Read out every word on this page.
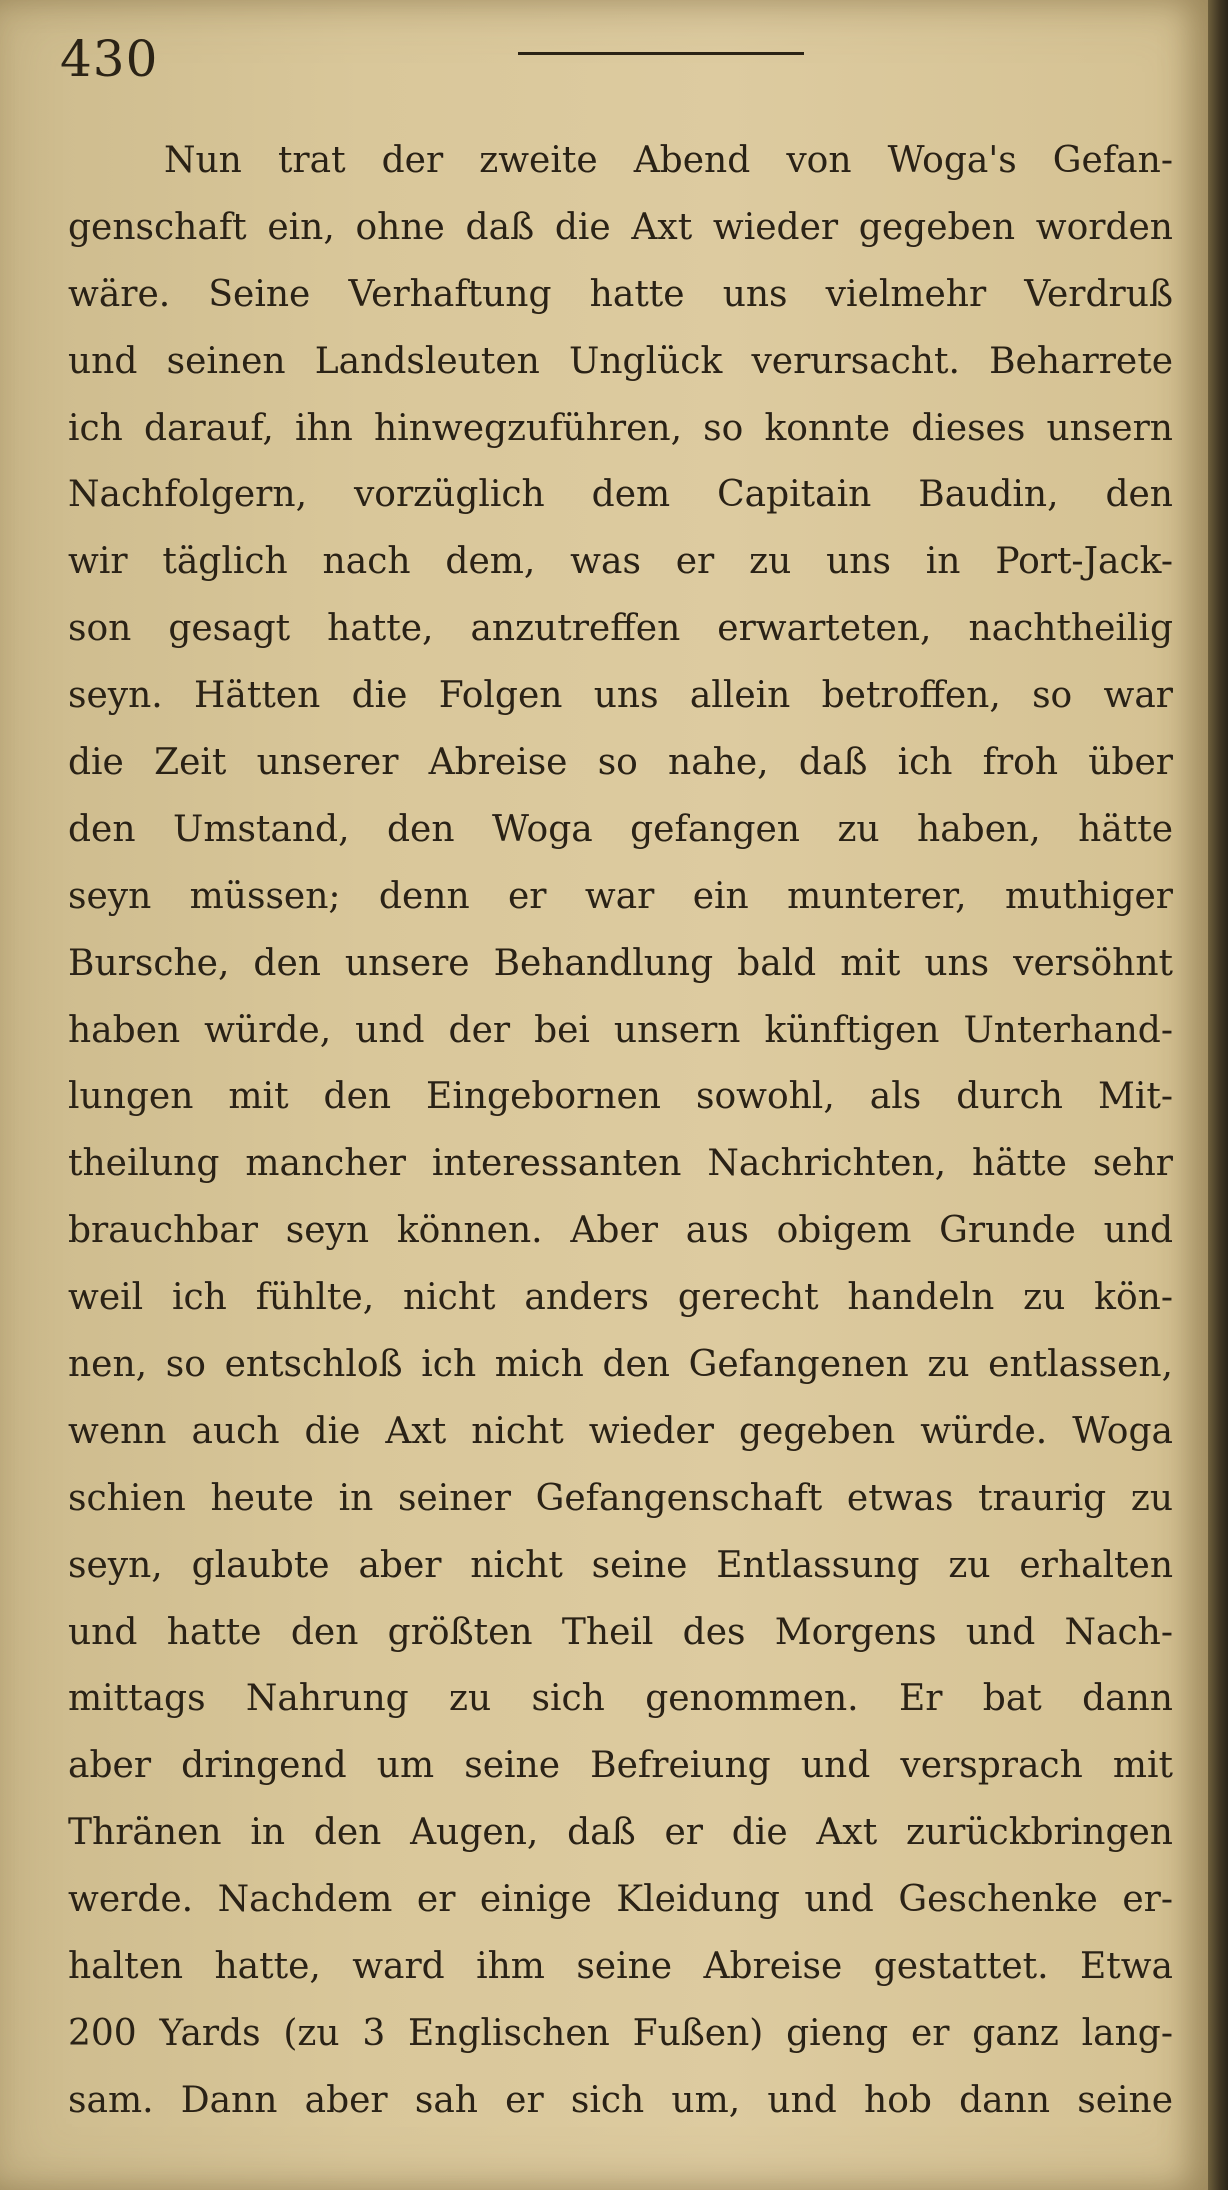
430
Nun trat der zweite Abend von Woga's Gefan-
genschaft ein, ohne daß die Axt wieder gegeben worden
wäre. Seine Verhaftung hatte uns vielmehr Verdruß
und seinen Landsleuten Unglück verursacht. Beharrete
ich darauf, ihn hinwegzuführen, so konnte dieses unsern
Nachfolgern, vorzüglich dem Capitain Baudin, den
wir täglich nach dem, was er zu uns in Port-Jack-
son gesagt hatte, anzutreffen erwarteten, nachtheilig
seyn. Hätten die Folgen uns allein betroffen, so war
die Zeit unserer Abreise so nahe, daß ich froh über
den Umstand, den Woga gefangen zu haben, hätte
seyn müssen; denn er war ein munterer, muthiger
Bursche, den unsere Behandlung bald mit uns versöhnt
haben würde, und der bei unsern künftigen Unterhand-
lungen mit den Eingebornen sowohl, als durch Mit-
theilung mancher interessanten Nachrichten, hätte sehr
brauchbar seyn können. Aber aus obigem Grunde und
weil ich fühlte, nicht anders gerecht handeln zu kön-
nen, so entschloß ich mich den Gefangenen zu entlassen,
wenn auch die Axt nicht wieder gegeben würde. Woga
schien heute in seiner Gefangenschaft etwas traurig zu
seyn, glaubte aber nicht seine Entlassung zu erhalten
und hatte den größten Theil des Morgens und Nach-
mittags Nahrung zu sich genommen. Er bat dann
aber dringend um seine Befreiung und versprach mit
Thränen in den Augen, daß er die Axt zurückbringen
werde. Nachdem er einige Kleidung und Geschenke er-
halten hatte, ward ihm seine Abreise gestattet. Etwa
200 Yards (zu 3 Englischen Fußen) gieng er ganz lang-
sam. Dann aber sah er sich um, und hob dann seine
